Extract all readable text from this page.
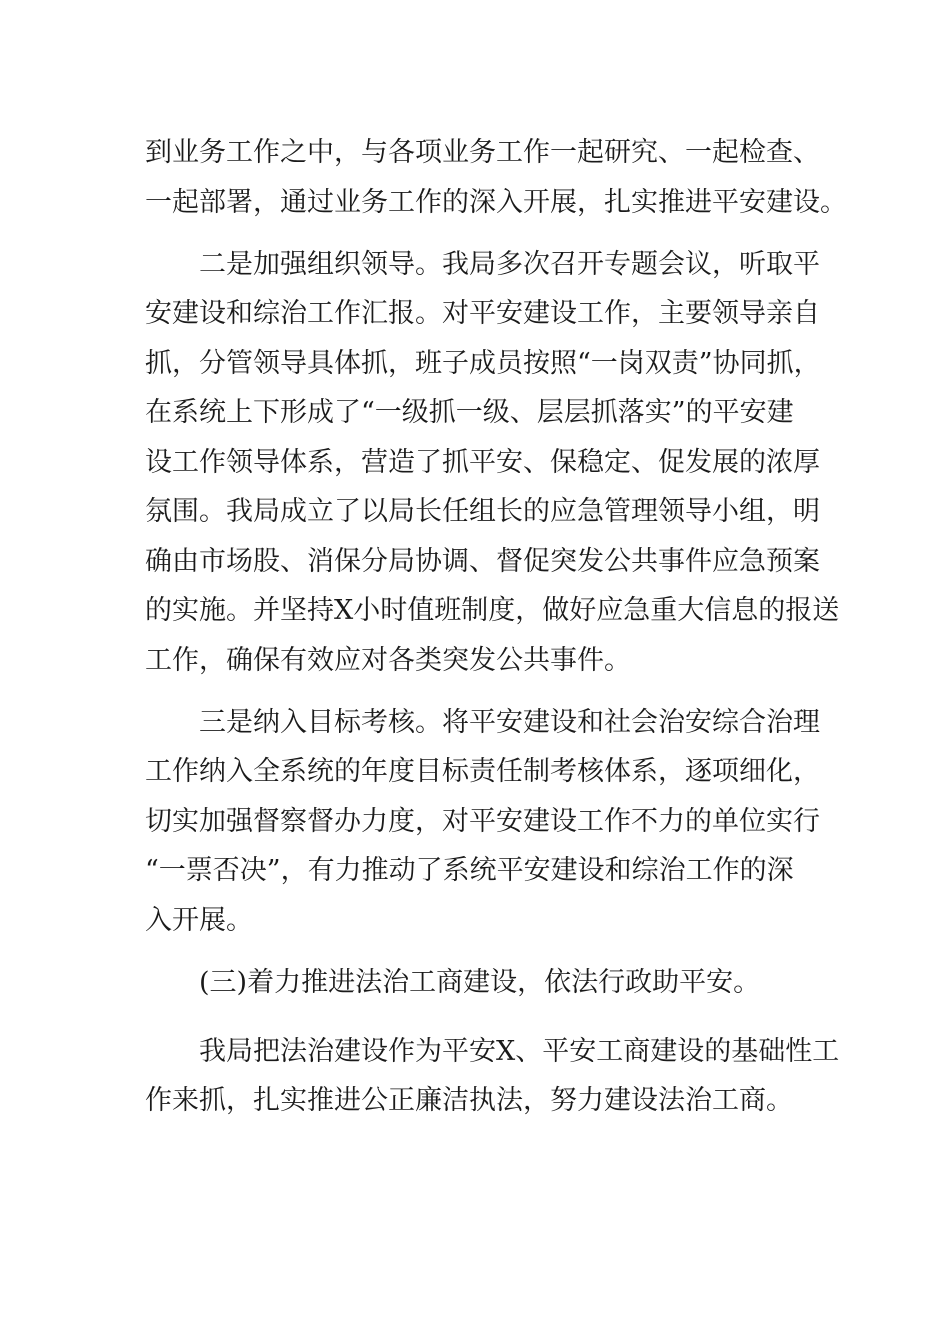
到业务工作之中，与各项业务工作一起研究、一起检查、
一起部署，通过业务工作的深入开展，扎实推进平安建设。
二是加强组织领导。我局多次召开专题会议，听取平
安建设和综治工作汇报。对平安建设工作，主要领导亲自
抓，分管领导具体抓，班子成员按照“一岗双责”协同抓，
在系统上下形成了“一级抓一级、层层抓落实”的平安建
设工作领导体系，营造了抓平安、保稳定、促发展的浓厚
氛围。我局成立了以局长任组长的应急管理领导小组，明
确由市场股、消保分局协调、督促突发公共事件应急预案
的实施。并坚持X小时值班制度，做好应急重大信息的报送
工作，确保有效应对各类突发公共事件。
三是纳入目标考核。将平安建设和社会治安综合治理
工作纳入全系统的年度目标责任制考核体系，逐项细化，
切实加强督察督办力度，对平安建设工作不力的单位实行
“一票否决”，有力推动了系统平安建设和综治工作的深
入开展。
(三)着力推进法治工商建设，依法行政助平安。
我局把法治建设作为平安X、平安工商建设的基础性工
作来抓，扎实推进公正廉洁执法，努力建设法治工商。
